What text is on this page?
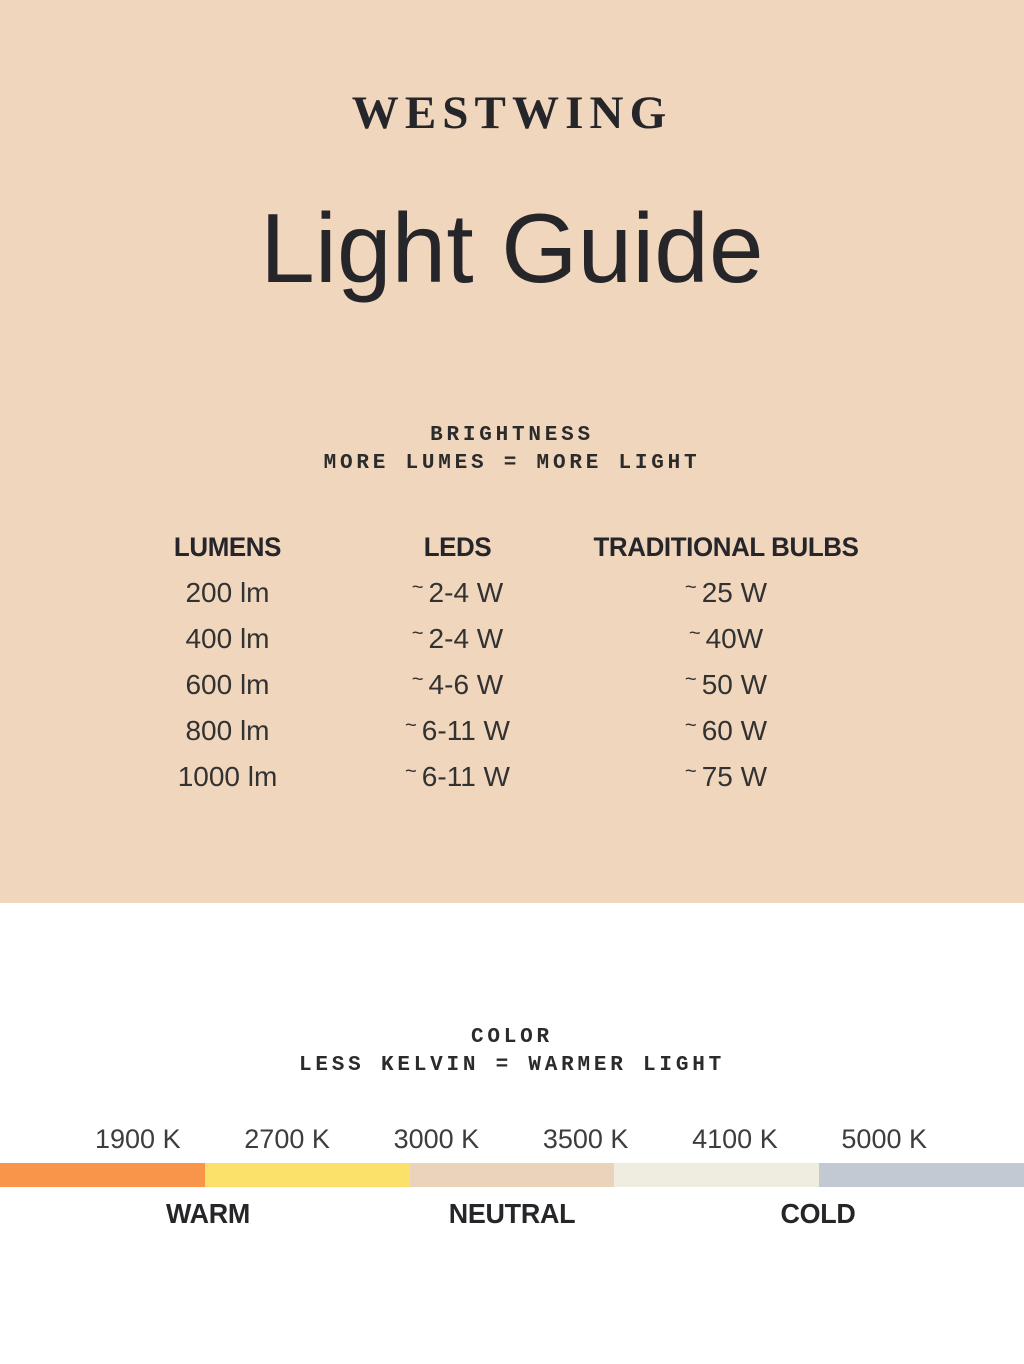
WESTWING
Light Guide
BRIGHTNESS
MORE LUMES = MORE LIGHT
LUMENS	LEDS	TRADITIONAL BULBS
200 lm	~ 2-4 W	~ 25 W
400 lm	~ 2-4 W	~ 40W
600 lm	~ 4-6 W	~ 50 W
800 lm	~ 6-11 W	~ 60 W
1000 lm	~ 6-11 W	~ 75 W
COLOR
LESS KELVIN = WARMER LIGHT
1900 K 2700 K 3000 K 3500 K 4100 K 5000 K
WARM	NEUTRAL	COLD
